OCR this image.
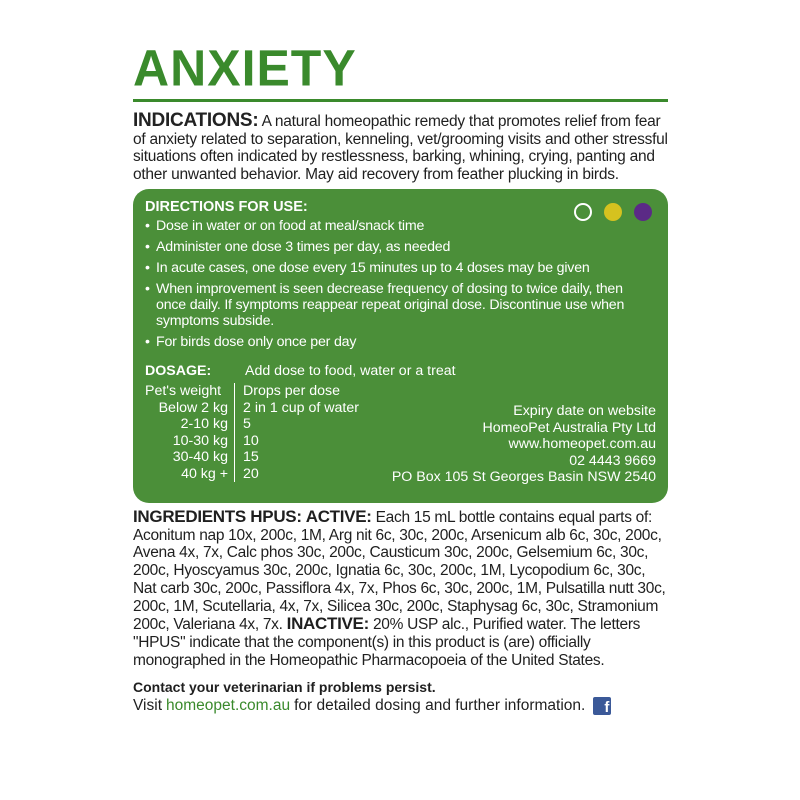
ANXIETY

INDICATIONS: A natural homeopathic remedy that promotes relief from fear of anxiety related to separation, kenneling, vet/grooming visits and other stressful situations often indicated by restlessness, barking, whining, crying, panting and other unwanted behavior. May aid recovery from feather plucking in birds.

DIRECTIONS FOR USE:
• Dose in water or on food at meal/snack time
• Administer one dose 3 times per day, as needed
• In acute cases, one dose every 15 minutes up to 4 doses may be given
• When improvement is seen decrease frequency of dosing to twice daily, then once daily. If symptoms reappear repeat original dose. Discontinue use when symptoms subside.
• For birds dose only once per day
DOSAGE:	Add dose to food, water or a treat
Pet's weight
Below 2 kg
2-10 kg
10-30 kg
30-40 kg
40 kg +
Drops per dose
2 in 1 cup of water
5
10
15
20
Expiry date on website
HomeoPet Australia Pty Ltd
www.homeopet.com.au
02 4443 9669
PO Box 105 St Georges Basin NSW 2540

INGREDIENTS HPUS: ACTIVE: Each 15 mL bottle contains equal parts of: Aconitum nap 10x, 200c, 1M, Arg nit 6c, 30c, 200c, Arsenicum alb 6c, 30c, 200c, Avena 4x, 7x, Calc phos 30c, 200c, Causticum 30c, 200c, Gelsemium 6c, 30c, 200c, Hyoscyamus 30c, 200c, Ignatia 6c, 30c, 200c, 1M, Lycopodium 6c, 30c, Nat carb 30c, 200c, Passiflora 4x, 7x, Phos 6c, 30c, 200c, 1M, Pulsatilla nutt 30c, 200c, 1M, Scutellaria, 4x, 7x, Silicea 30c, 200c, Staphysag 6c, 30c, Stramonium 200c, Valeriana 4x, 7x. INACTIVE: 20% USP alc., Purified water. The letters "HPUS" indicate that the component(s) in this product is (are) officially monographed in the Homeopathic Pharmacopoeia of the United States.

Contact your veterinarian if problems persist.
Visit homeopet.com.au for detailed dosing and further information.	f
